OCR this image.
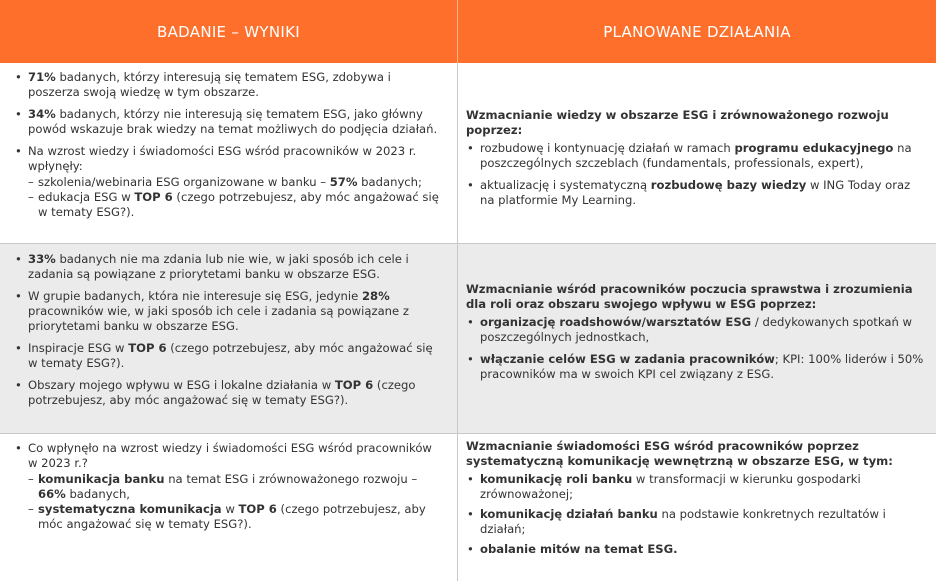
BADANIE – WYNIKI	PLANOWANE DZIAŁANIA
• 71% badanych, którzy interesują się tematem ESG, zdobywa i poszerza swoją wiedzę w tym obszarze.
• 34% badanych, którzy nie interesują się tematem ESG, jako główny powód wskazuje brak wiedzy na temat możliwych do podjęcia działań.
• Na wzrost wiedzy i świadomości ESG wśród pracowników w 2023 r. wpłynęły:
– szkolenia/webinaria ESG organizowane w banku – 57% badanych;
– edukacja ESG w TOP 6 (czego potrzebujesz, aby móc angażować się w tematy ESG?).
Wzmacnianie wiedzy w obszarze ESG i zrównoważonego rozwoju poprzez:
• rozbudowę i kontynuację działań w ramach programu edukacyjnego na poszczególnych szczeblach (fundamentals, professionals, expert),
• aktualizację i systematyczną rozbudowę bazy wiedzy w ING Today oraz na platformie My Learning.
• 33% badanych nie ma zdania lub nie wie, w jaki sposób ich cele i zadania są powiązane z priorytetami banku w obszarze ESG.
• W grupie badanych, która nie interesuje się ESG, jedynie 28% pracowników wie, w jaki sposób ich cele i zadania są powiązane z priorytetami banku w obszarze ESG.
• Inspiracje ESG w TOP 6 (czego potrzebujesz, aby móc angażować się w tematy ESG?).
• Obszary mojego wpływu w ESG i lokalne działania w TOP 6 (czego potrzebujesz, aby móc angażować się w tematy ESG?).
Wzmacnianie wśród pracowników poczucia sprawstwa i zrozumienia dla roli oraz obszaru swojego wpływu w ESG poprzez:
• organizację roadshowów/warsztatów ESG / dedykowanych spotkań w poszczególnych jednostkach,
• włączanie celów ESG w zadania pracowników; KPI: 100% liderów i 50% pracowników ma w swoich KPI cel związany z ESG.
• Co wpłynęło na wzrost wiedzy i świadomości ESG wśród pracowników w 2023 r.?
– komunikacja banku na temat ESG i zrównoważonego rozwoju – 66% badanych,
– systematyczna komunikacja w TOP 6 (czego potrzebujesz, aby móc angażować się w tematy ESG?).
Wzmacnianie świadomości ESG wśród pracowników poprzez systematyczną komunikację wewnętrzną w obszarze ESG, w tym:
• komunikację roli banku w transformacji w kierunku gospodarki zrównoważonej;
• komunikację działań banku na podstawie konkretnych rezultatów i działań;
• obalanie mitów na temat ESG.
